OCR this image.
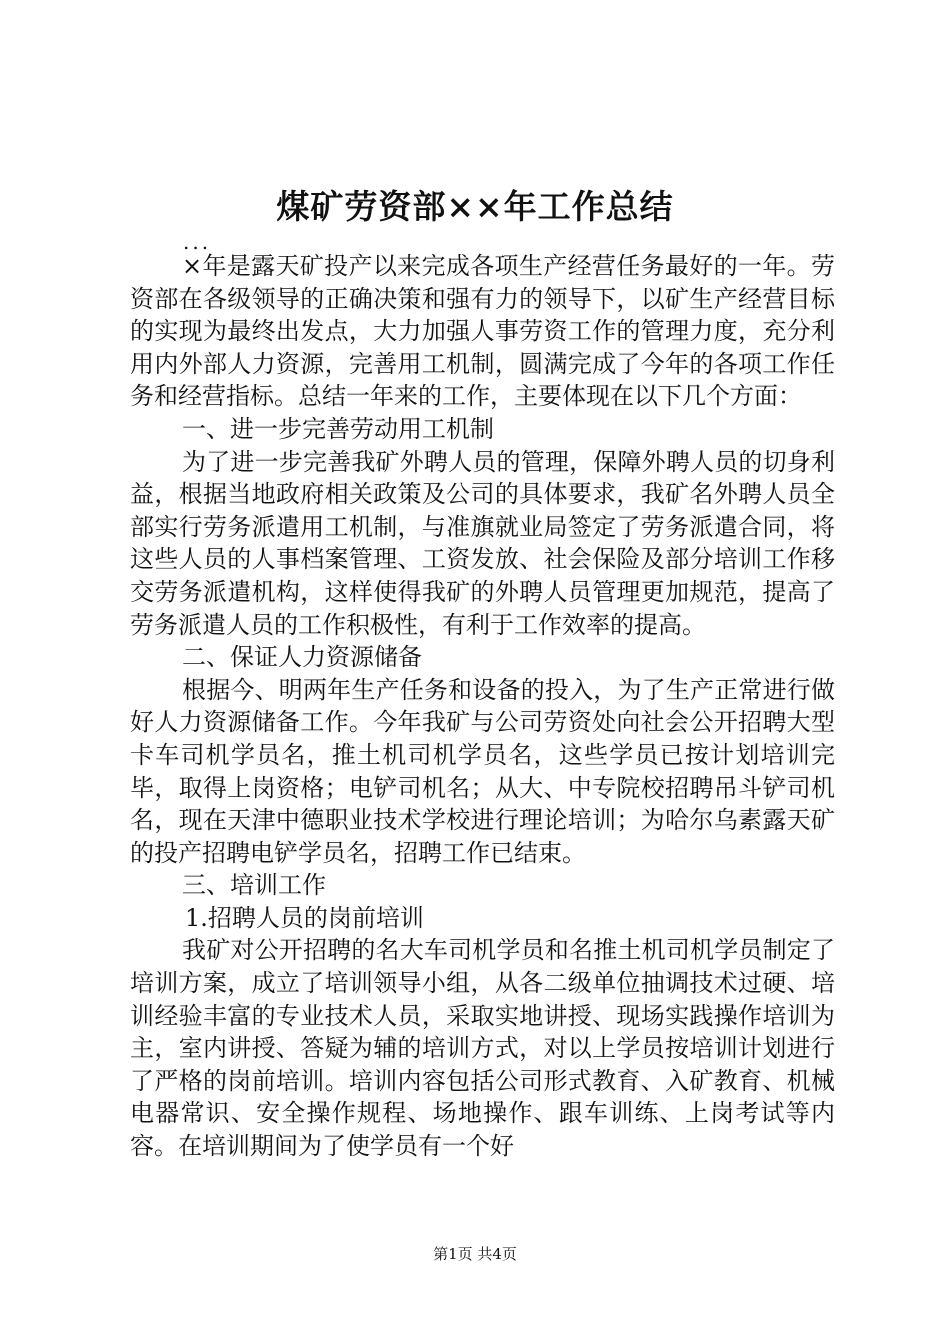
煤矿劳资部××年工作总结
...

×年是露天矿投产以来完成各项生产经营任务最好的一年。劳资部在各级领导的正确决策和强有力的领导下，以矿生产经营目标的实现为最终出发点，大力加强人事劳资工作的管理力度，充分利用内外部人力资源，完善用工机制，圆满完成了今年的各项工作任务和经营指标。总结一年来的工作，主要体现在以下几个方面：

一、进一步完善劳动用工机制

为了进一步完善我矿外聘人员的管理，保障外聘人员的切身利益，根据当地政府相关政策及公司的具体要求，我矿名外聘人员全部实行劳务派遣用工机制，与准旗就业局签定了劳务派遣合同，将这些人员的人事档案管理、工资发放、社会保险及部分培训工作移交劳务派遣机构，这样使得我矿的外聘人员管理更加规范，提高了劳务派遣人员的工作积极性，有利于工作效率的提高。

二、保证人力资源储备

根据今、明两年生产任务和设备的投入，为了生产正常进行做好人力资源储备工作。今年我矿与公司劳资处向社会公开招聘大型卡车司机学员名，推土机司机学员名，这些学员已按计划培训完毕，取得上岗资格；电铲司机名；从大、中专院校招聘吊斗铲司机名，现在天津中德职业技术学校进行理论培训；为哈尔乌素露天矿的投产招聘电铲学员名，招聘工作已结束。

三、培训工作

1.招聘人员的岗前培训

我矿对公开招聘的名大车司机学员和名推土机司机学员制定了培训方案，成立了培训领导小组，从各二级单位抽调技术过硬、培训经验丰富的专业技术人员，采取实地讲授、现场实践操作培训为主，室内讲授、答疑为辅的培训方式，对以上学员按培训计划进行了严格的岗前培训。培训内容包括公司形式教育、入矿教育、机械电器常识、安全操作规程、场地操作、跟车训练、上岗考试等内容。在培训期间为了使学员有一个好

第1页 共4页
